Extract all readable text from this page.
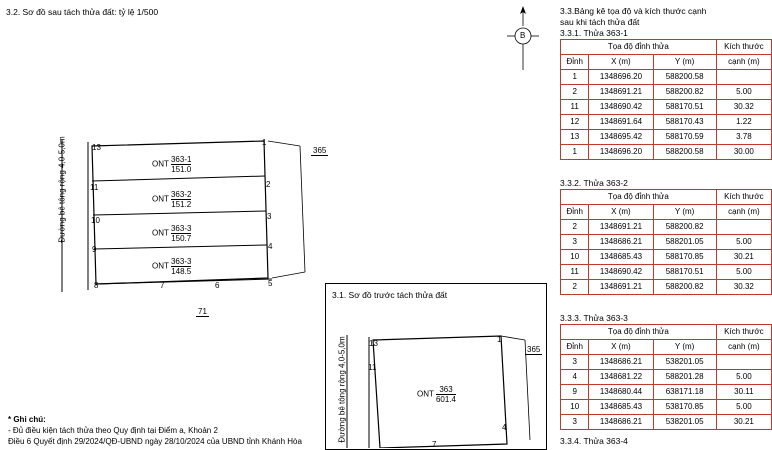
3.2. Sơ đồ sau tách thửa đất: tỷ lệ 1/500
Đường bê tông rộng 4,0-5,0m	ONT $\frac{363-1}{151.0}$
ONT $\frac{363-2}{151.2}$
ONT $\frac{363-3}{150.7}$
ONT $\frac{363-3}{148.5}$
13
1
11	2
10	3
9	4
8	7	6	5
365
71
B
3.3.Bảng kê tọa độ và kích thước cạnh
sau khi tách thửa đất
3.3.1. Thửa 363-1
Tọa độ đỉnh thửa			Kích thước
Đỉnh	X (m)	Y (m)	cạnh (m)
1	1348696.20	588200.58	
2	1348691.21	588200.82	5.00
11	1348690.42	588170.51	30.32
12	1348691.64	588170.43	1.22
13	1348695.42	588170.59	3.78
1	1348696.20	588200.58	30.00
3.3.2. Thửa 363-2
Tọa độ đỉnh thửa			Kích thước
Đỉnh	X (m)	Y (m)	cạnh (m)
2	1348691.21	588200.82	
3	1348686.21	588201.05	5.00
10	1348685.43	588170.85	30.21
11	1348690.42	588170.51	5.00
2	1348691.21	588200.82	30.32
3.3.3. Thửa 363-3
Tọa độ đỉnh thửa			Kích thước
Đỉnh	X (m)	Y (m)	cạnh (m)
3	1348686.21	538201.05	
4	1348681.22	588201.28	5.00
9	1348680.44	638171.18	30.11
10	1348685.43	538170.85	5.00
3	1348686.21	538201.05	30.21
3.3.4. Thửa 363-4
3.1. Sơ đồ trước tách thửa đất
Đường bê tông rộng 4,0-5,0m	ONT $\frac{363}{601.4}$
13	1
11
4
365
7
* Ghi chú:
- Đủ điều kiện tách thửa theo Quy định tại Điểm a, Khoản 2
Điều 6 Quyết định 29/2024/QĐ-UBND ngày 28/10/2024 của UBND tỉnh Khánh Hòa
